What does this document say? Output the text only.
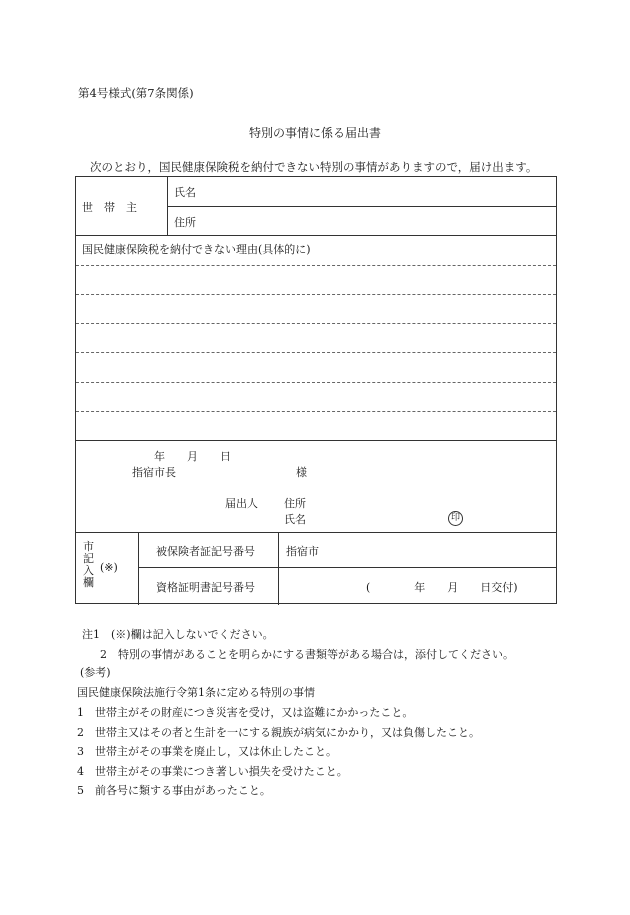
第4号様式(第7条関係)
特別の事情に係る届出書
次のとおり，国民健康保険税を納付できない特別の事情がありますので，届け出ます。
世　帯　主
氏名
住所
国民健康保険税を納付できない理由(具体的に)
年　　月　　日
指宿市長	様
届出人 住所
氏名	印
市
記
入
欄
(※)
被保険者証記号番号	指宿市
資格証明書記号番号	(　　　　年　　月　　日交付)
注1　(※)欄は記入しないでください。
2　特別の事情があることを明らかにする書類等がある場合は，添付してください。
(参考)
国民健康保険法施行令第1条に定める特別の事情
1　世帯主がその財産につき災害を受け，又は盗難にかかったこと。
2　世帯主又はその者と生計を一にする親族が病気にかかり，又は負傷したこと。
3　世帯主がその事業を廃止し，又は休止したこと。
4　世帯主がその事業につき著しい損失を受けたこと。
5　前各号に類する事由があったこと。
